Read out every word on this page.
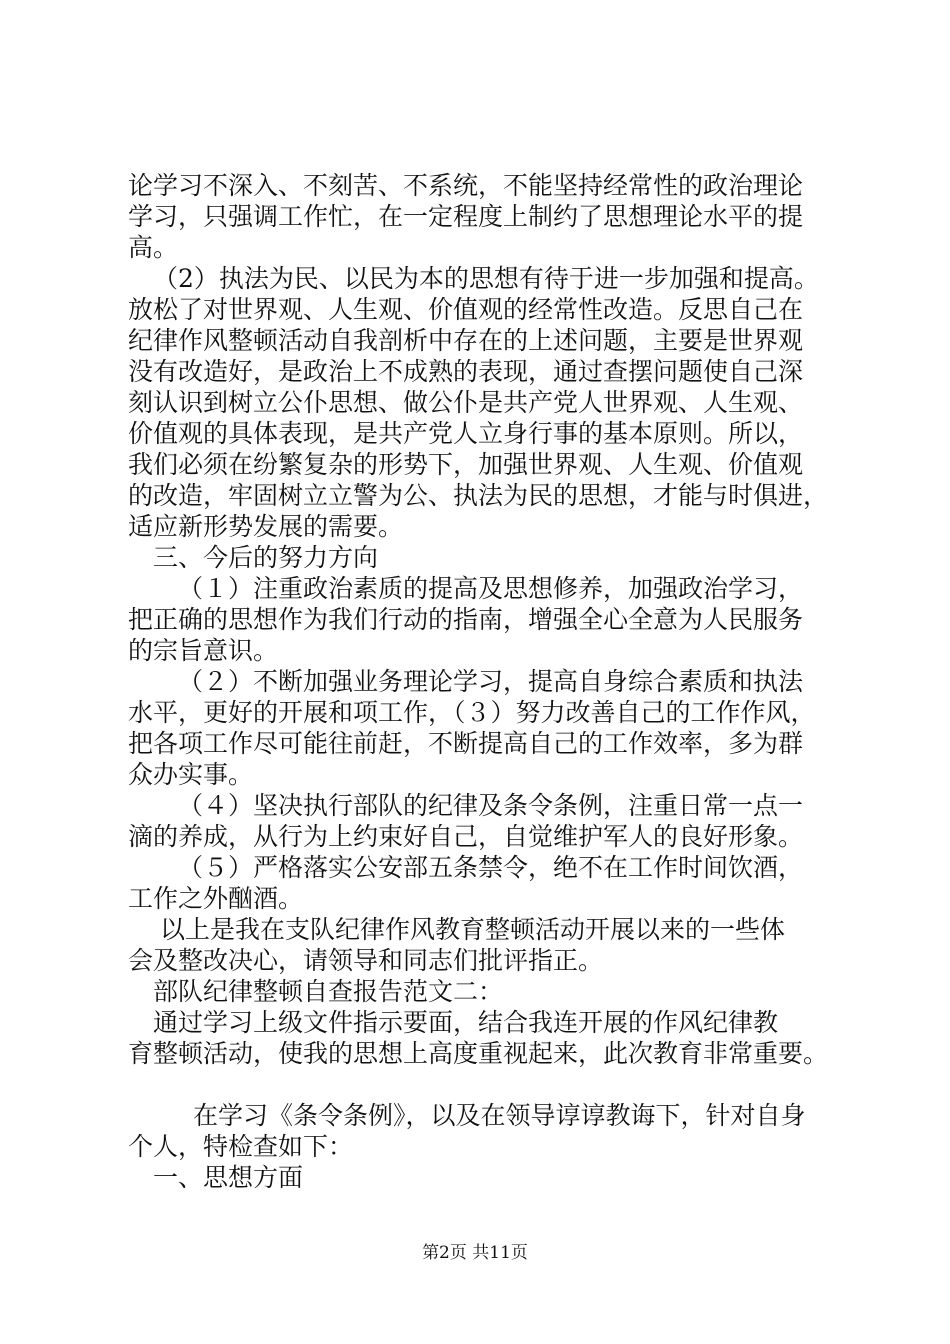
论学习不深入、不刻苦、不系统，不能坚持经常性的政治理论
学习，只强调工作忙，在一定程度上制约了思想理论水平的提
高。
（2）执法为民、以民为本的思想有待于进一步加强和提高。
放松了对世界观、人生观、价值观的经常性改造。反思自己在
纪律作风整顿活动自我剖析中存在的上述问题，主要是世界观
没有改造好，是政治上不成熟的表现，通过查摆问题使自己深
刻认识到树立公仆思想、做公仆是共产党人世界观、人生观、
价值观的具体表现，是共产党人立身行事的基本原则。所以，
我们必须在纷繁复杂的形势下，加强世界观、人生观、价值观
的改造，牢固树立立警为公、执法为民的思想，才能与时俱进，
适应新形势发展的需要。
三、今后的努力方向
（１）注重政治素质的提高及思想修养，加强政治学习，
把正确的思想作为我们行动的指南，增强全心全意为人民服务
的宗旨意识。
（２）不断加强业务理论学习，提高自身综合素质和执法
水平，更好的开展和项工作，（３）努力改善自己的工作作风，
把各项工作尽可能往前赶，不断提高自己的工作效率，多为群
众办实事。
（４）坚决执行部队的纪律及条令条例，注重日常一点一
滴的养成，从行为上约束好自己，自觉维护军人的良好形象。
（５）严格落实公安部五条禁令，绝不在工作时间饮酒，
工作之外酗酒。
以上是我在支队纪律作风教育整顿活动开展以来的一些体
会及整改决心，请领导和同志们批评指正。
部队纪律整顿自查报告范文二：
通过学习上级文件指示要面，结合我连开展的作风纪律教
育整顿活动，使我的思想上高度重视起来，此次教育非常重要。
在学习《条令条例》，以及在领导谆谆教诲下，针对自身
个人，特检查如下：
一、思想方面
第2页 共11页
